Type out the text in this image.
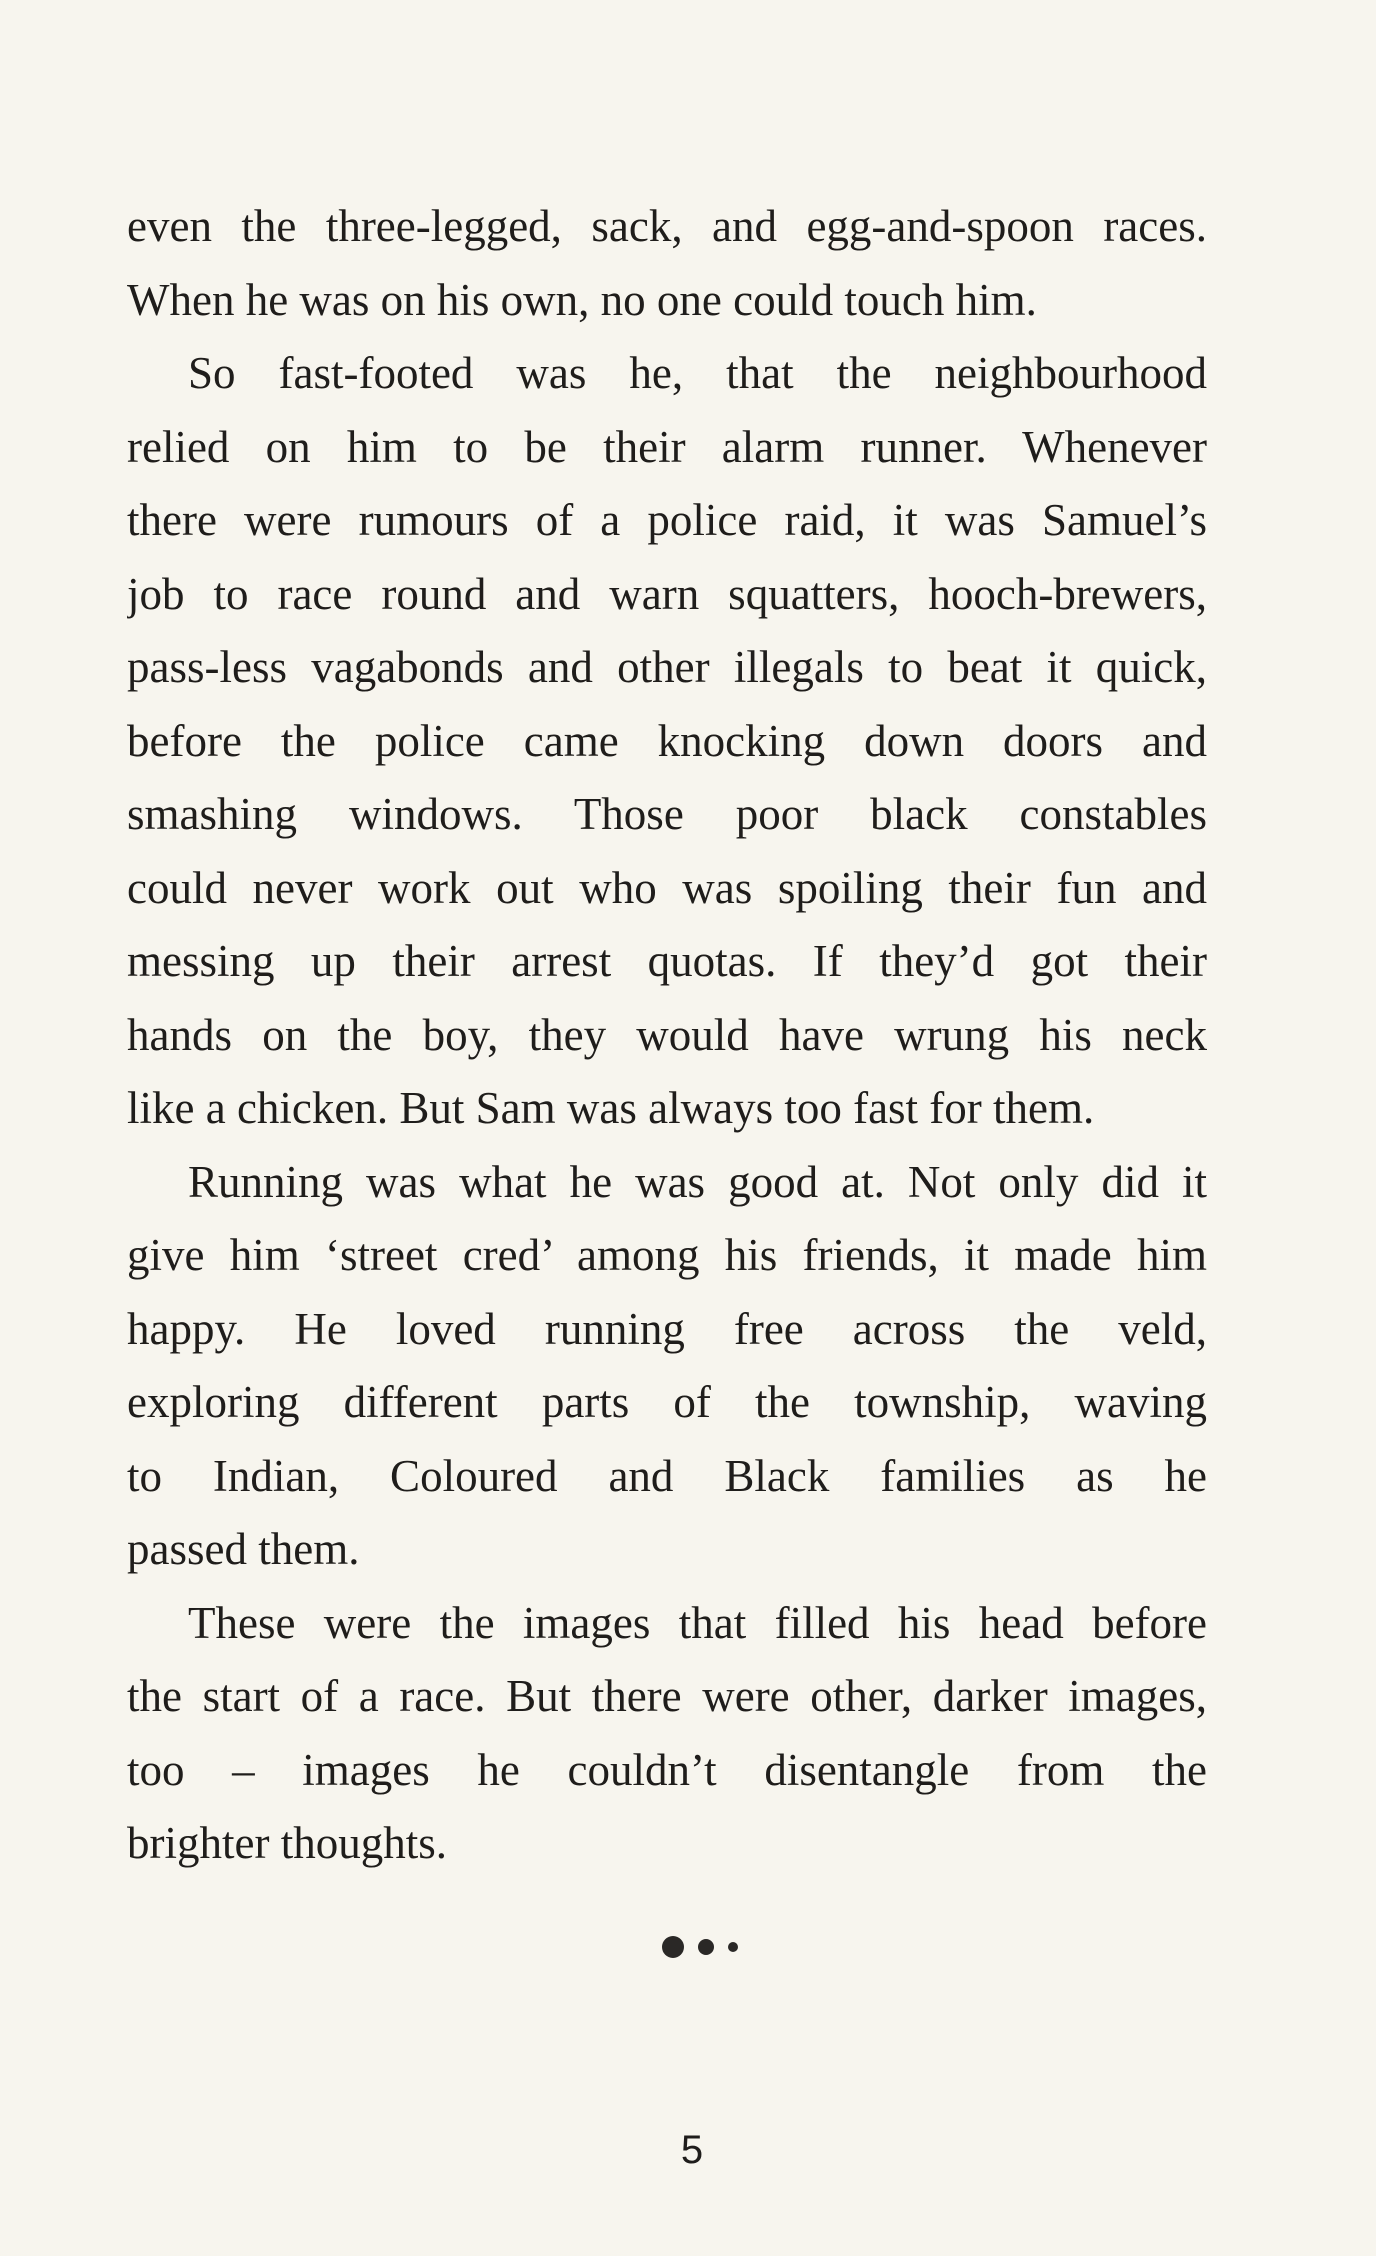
even the three-legged, sack, and egg-and-spoon races.
When he was on his own, no one could touch him.
So fast-footed was he, that the neighbourhood
relied on him to be their alarm runner. Whenever
there were rumours of a police raid, it was Samuel’s
job to race round and warn squatters, hooch-brewers,
pass-less vagabonds and other illegals to beat it quick,
before the police came knocking down doors and
smashing windows. Those poor black constables
could never work out who was spoiling their fun and
messing up their arrest quotas. If they’d got their
hands on the boy, they would have wrung his neck
like a chicken. But Sam was always too fast for them.
Running was what he was good at. Not only did it
give him ‘street cred’ among his friends, it made him
happy. He loved running free across the veld,
exploring different parts of the township, waving
to Indian, Coloured and Black families as he
passed them.
These were the images that filled his head before
the start of a race. But there were other, darker images,
too – images he couldn’t disentangle from the
brighter thoughts.
5
